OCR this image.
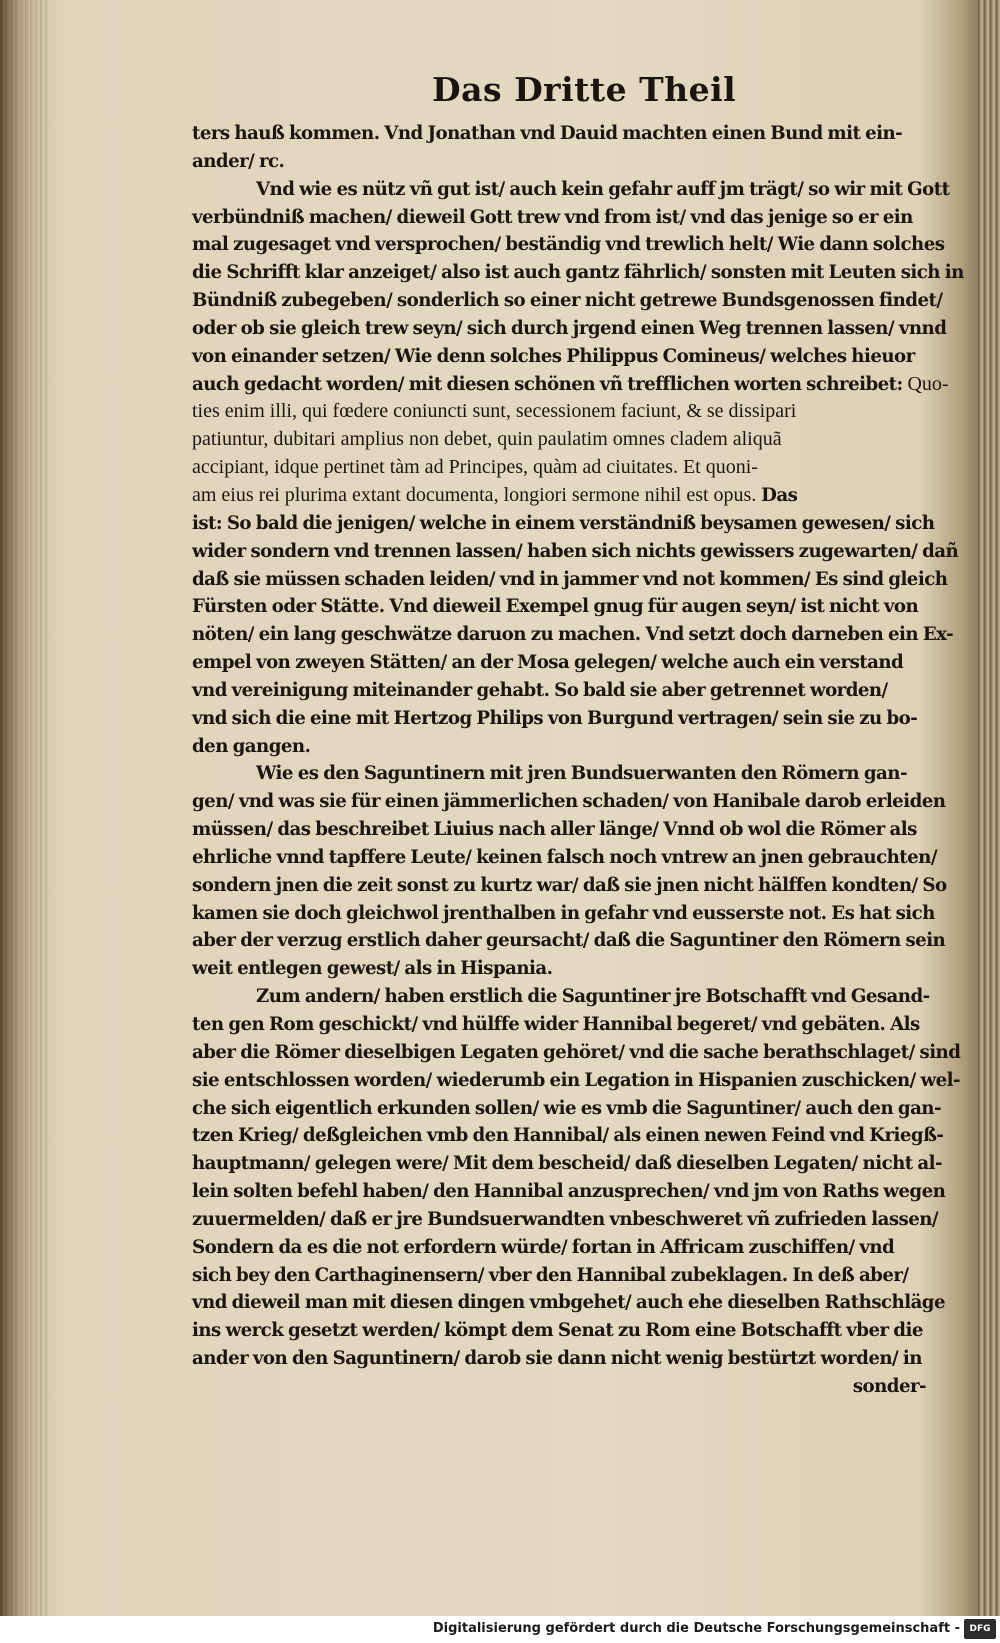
Das Dritte Theil
ters hauß kommen. Vnd Jonathan vnd Dauid machten einen Bund mit ein-
ander/ rc.
Vnd wie es nütz vñ gut ist/ auch kein gefahr auff jm trägt/ so wir mit Gott
verbündniß machen/ dieweil Gott trew vnd from ist/ vnd das jenige so er ein
mal zugesaget vnd versprochen/ beständig vnd trewlich helt/ Wie dann solches
die Schrifft klar anzeiget/ also ist auch gantz fährlich/ sonsten mit Leuten sich in
Bündniß zubegeben/ sonderlich so einer nicht getrewe Bundsgenossen findet/
oder ob sie gleich trew seyn/ sich durch jrgend einen Weg trennen lassen/ vnnd
von einander setzen/ Wie denn solches Philippus Comineus/ welches hieuor
auch gedacht worden/ mit diesen schönen vñ trefflichen worten schreibet: Quo-
ties enim illi, qui fœdere coniuncti sunt, secessionem faciunt, & se dissipari
patiuntur, dubitari amplius non debet, quin paulatim omnes cladem aliquã
accipiant, idque pertinet tàm ad Principes, quàm ad ciuitates. Et quoni-
am eius rei plurima extant documenta, longiori sermone nihil est opus. Das
ist: So bald die jenigen/ welche in einem verständniß beysamen gewesen/ sich
wider sondern vnd trennen lassen/ haben sich nichts gewissers zugewarten/ dañ
daß sie müssen schaden leiden/ vnd in jammer vnd not kommen/ Es sind gleich
Fürsten oder Stätte. Vnd dieweil Exempel gnug für augen seyn/ ist nicht von
nöten/ ein lang geschwätze daruon zu machen. Vnd setzt doch darneben ein Ex-
empel von zweyen Stätten/ an der Mosa gelegen/ welche auch ein verstand
vnd vereinigung miteinander gehabt. So bald sie aber getrennet worden/
vnd sich die eine mit Hertzog Philips von Burgund vertragen/ sein sie zu bo-
den gangen.
Wie es den Saguntinern mit jren Bundsuerwanten den Römern gan-
gen/ vnd was sie für einen jämmerlichen schaden/ von Hanibale darob erleiden
müssen/ das beschreibet Liuius nach aller länge/ Vnnd ob wol die Römer als
ehrliche vnnd tapffere Leute/ keinen falsch noch vntrew an jnen gebrauchten/
sondern jnen die zeit sonst zu kurtz war/ daß sie jnen nicht hälffen kondten/ So
kamen sie doch gleichwol jrenthalben in gefahr vnd eusserste not. Es hat sich
aber der verzug erstlich daher geursacht/ daß die Saguntiner den Römern sein
weit entlegen gewest/ als in Hispania.
Zum andern/ haben erstlich die Saguntiner jre Botschafft vnd Gesand-
ten gen Rom geschickt/ vnd hülffe wider Hannibal begeret/ vnd gebäten. Als
aber die Römer dieselbigen Legaten gehöret/ vnd die sache berathschlaget/ sind
sie entschlossen worden/ wiederumb ein Legation in Hispanien zuschicken/ wel-
che sich eigentlich erkunden sollen/ wie es vmb die Saguntiner/ auch den gan-
tzen Krieg/ deßgleichen vmb den Hannibal/ als einen newen Feind vnd Kriegß-
hauptmann/ gelegen were/ Mit dem bescheid/ daß dieselben Legaten/ nicht al-
lein solten befehl haben/ den Hannibal anzusprechen/ vnd jm von Raths wegen
zuuermelden/ daß er jre Bundsuerwandten vnbeschweret vñ zufrieden lassen/
Sondern da es die not erfordern würde/ fortan in Affricam zuschiffen/ vnd
sich bey den Carthaginensern/ vber den Hannibal zubeklagen. In deß aber/
vnd dieweil man mit diesen dingen vmbgehet/ auch ehe dieselben Rathschläge
ins werck gesetzt werden/ kömpt dem Senat zu Rom eine Botschafft vber die
ander von den Saguntinern/ darob sie dann nicht wenig bestürtzt worden/ in
sonder-
Digitalisierung gefördert durch die Deutsche Forschungsgemeinschaft -	DFG
